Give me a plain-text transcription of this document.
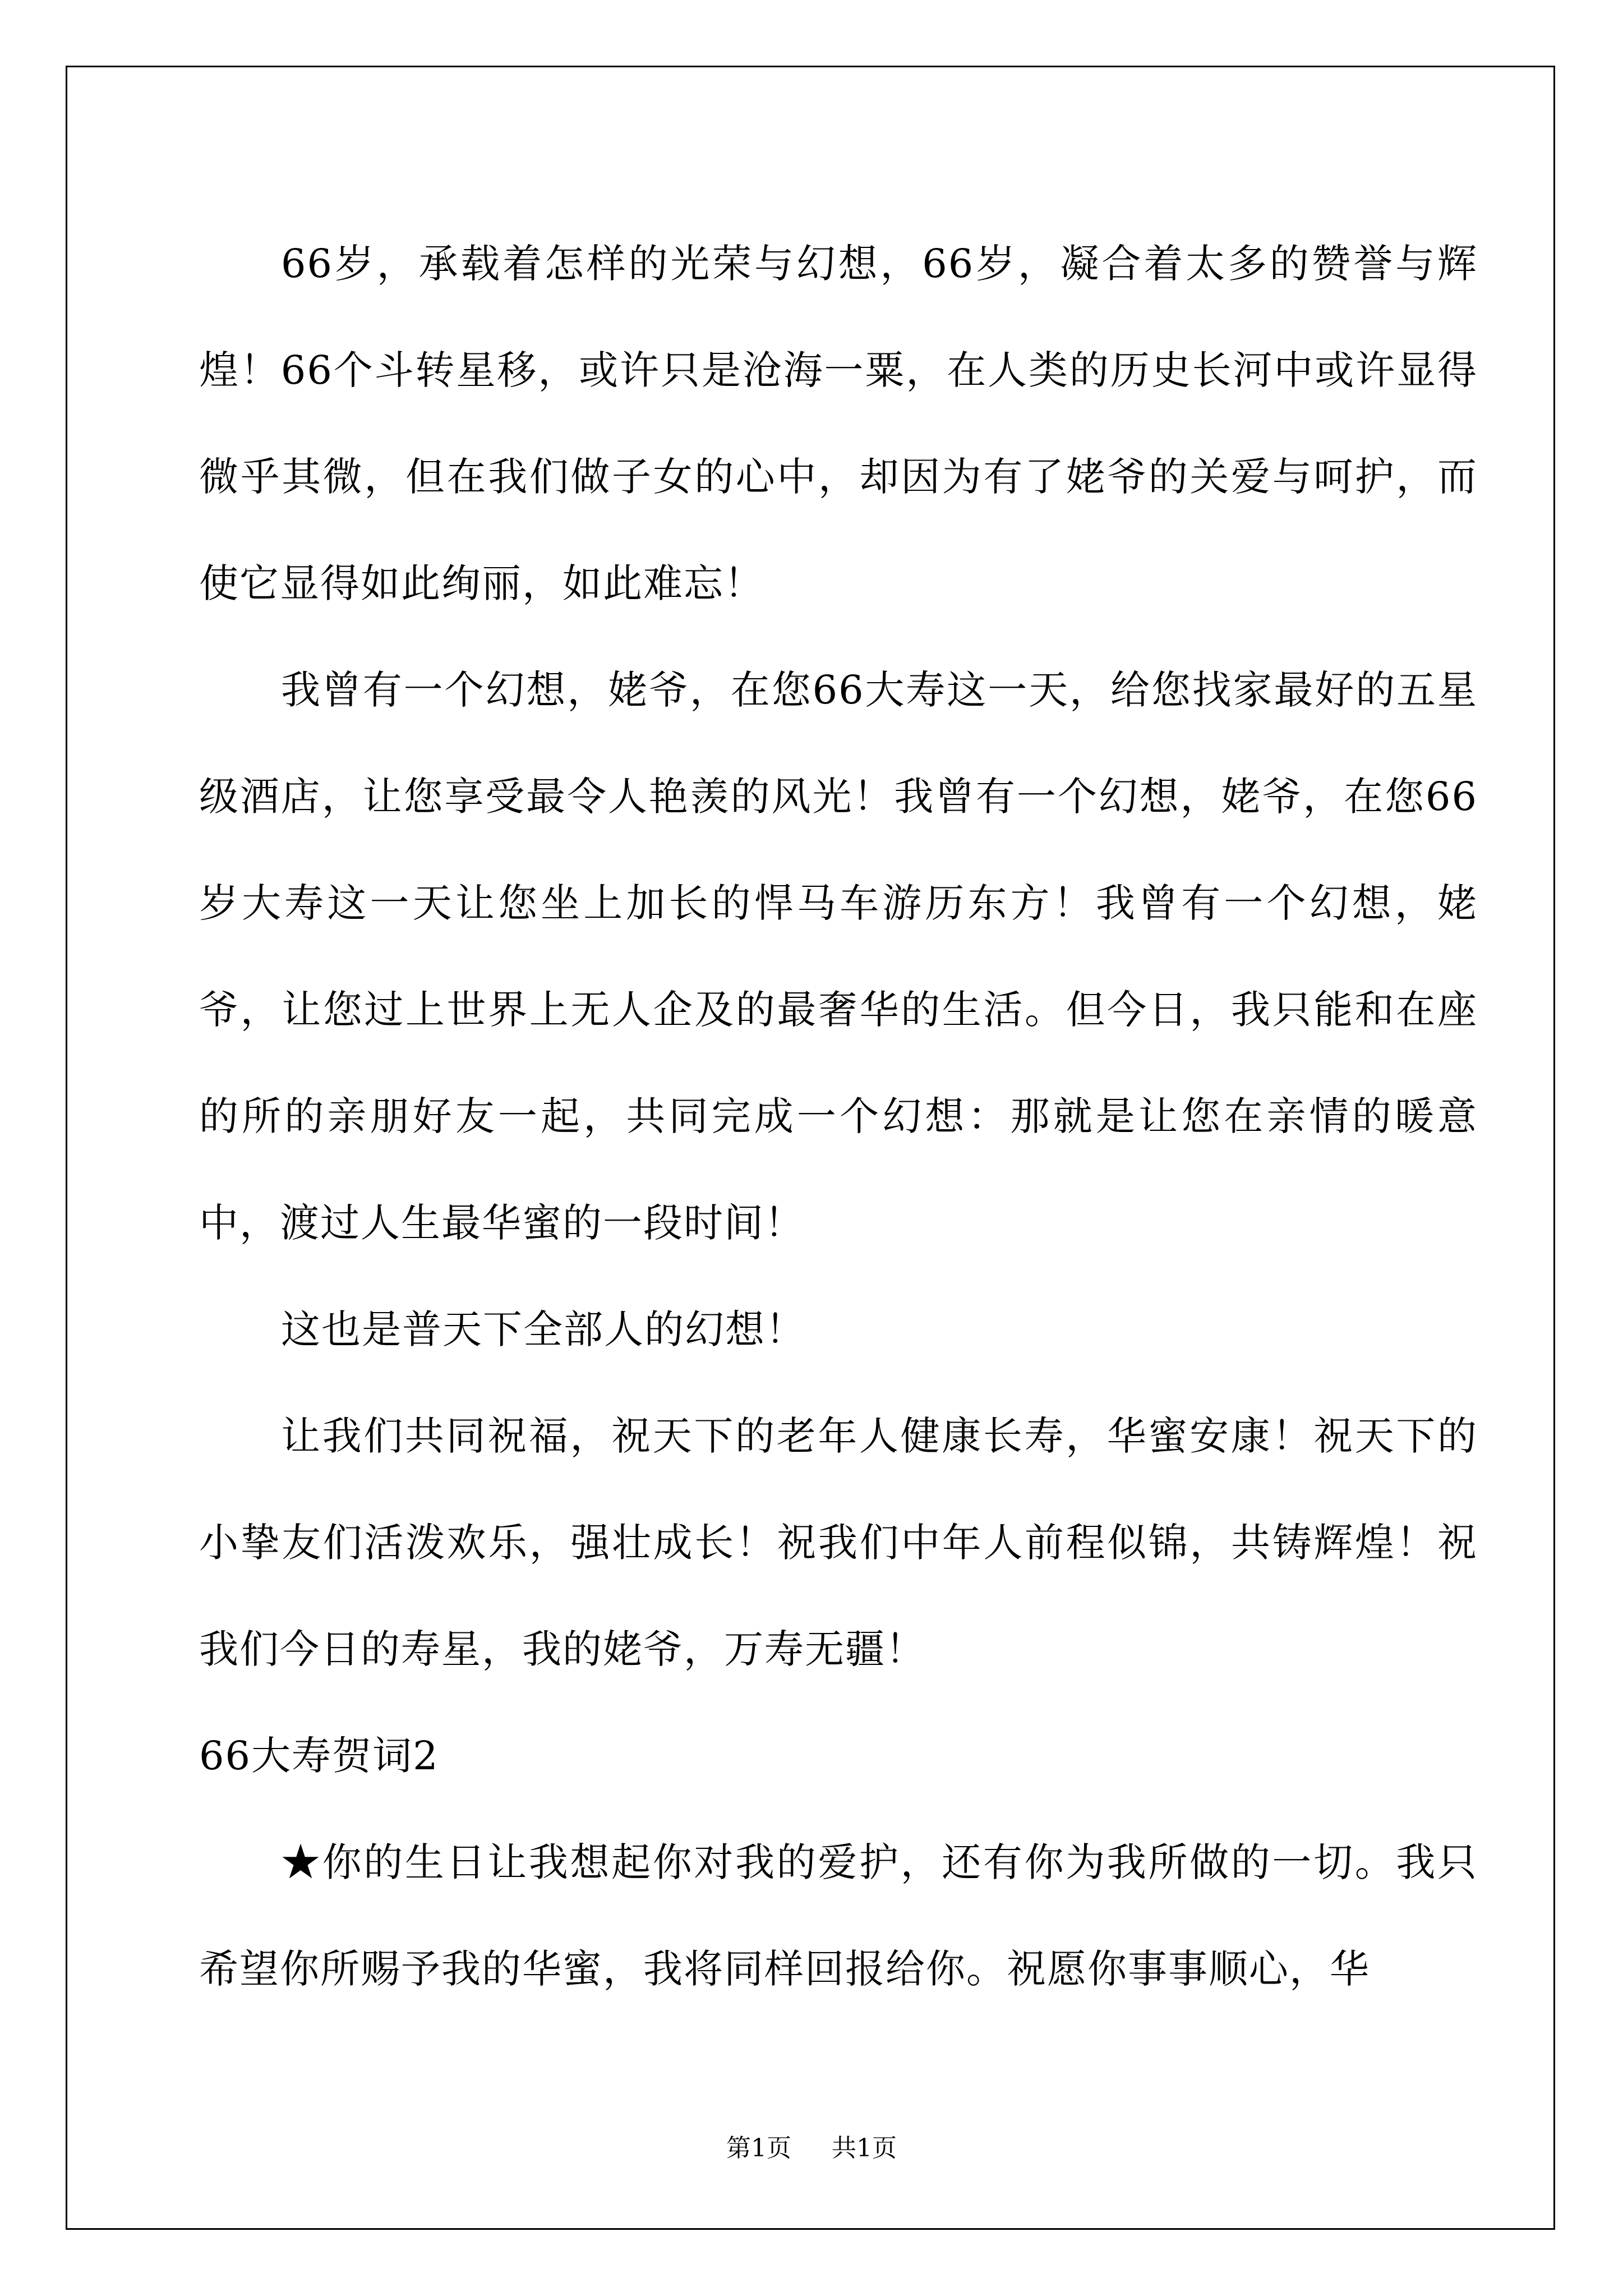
66岁，承载着怎样的光荣与幻想，66岁，凝合着太多的赞誉与辉煌！66个斗转星移，或许只是沧海一粟，在人类的历史长河中或许显得微乎其微，但在我们做子女的心中，却因为有了姥爷的关爱与呵护，而使它显得如此绚丽，如此难忘！

我曾有一个幻想，姥爷，在您66大寿这一天，给您找家最好的五星级酒店，让您享受最令人艳羡的风光！我曾有一个幻想，姥爷，在您66岁大寿这一天让您坐上加长的悍马车游历东方！我曾有一个幻想，姥爷，让您过上世界上无人企及的最奢华的生活。但今日，我只能和在座的所的亲朋好友一起，共同完成一个幻想：那就是让您在亲情的暖意中，渡过人生最华蜜的一段时间！

这也是普天下全部人的幻想！

让我们共同祝福，祝天下的老年人健康长寿，华蜜安康！祝天下的小挚友们活泼欢乐，强壮成长！祝我们中年人前程似锦，共铸辉煌！祝我们今日的寿星，我的姥爷，万寿无疆！

66大寿贺词2

★你的生日让我想起你对我的爱护，还有你为我所做的一切。我只希望你所赐予我的华蜜，我将同样回报给你。祝愿你事事顺心，华

第1页 共1页
